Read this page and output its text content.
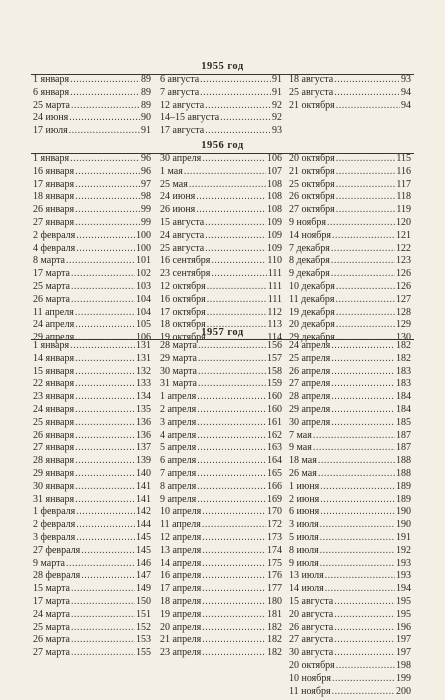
1955 год
1 января .....	89
6 января .....	89
25 марта .....	89
24 июня .....	90
17 июля .....	91
6 августа .....	91
7 августа .....	91
12 августа .....	92
14–15 августа .....	92
17 августа .....	93
18 августа .....	93
25 августа .....	94
21 октября .....	94
1956 год
1 января .....	96
16 января .....	96
17 января .....	97
18 января .....	98
26 января .....	99
27 января .....	99
2 февраля .....	100
4 февраля .....	100
8 марта .....	101
17 марта .....	102
25 марта .....	103
26 марта .....	104
11 апреля .....	104
24 апреля .....	105
29 апреля .....	106
30 апреля .....	106
1 мая .....	107
25 мая .....	108
24 июня .....	108
26 июня .....	108
15 августа .....	109
24 августа .....	109
25 августа .....	109
16 сентября .....	110
23 сентября .....	111
12 октября .....	111
16 октября .....	111
17 октября .....	112
18 октября .....	113
19 октября .....	114
20 октября .....	115
21 октября .....	116
25 октября .....	117
26 октября .....	118
27 октября .....	119
9 ноября .....	120
14 ноября .....	121
7 декабря .....	122
8 декабря .....	123
9 декабря .....	126
10 декабря .....	126
11 декабря .....	127
19 декабря .....	128
20 декабря .....	129
29 декабря .....	130
1957 год
1 января .....	131
14 января .....	131
15 января .....	132
22 января .....	133
23 января .....	134
24 января .....	135
25 января .....	136
26 января .....	136
27 января .....	137
28 января .....	139
29 января .....	140
30 января .....	141
31 января .....	141
1 февраля .....	142
2 февраля .....	144
3 февраля .....	145
27 февраля .....	145
9 марта .....	146
28 февраля .....	147
15 марта .....	149
17 марта .....	150
24 марта .....	151
25 марта .....	152
26 марта .....	153
27 марта .....	155
28 марта .....	156
29 марта .....	157
30 марта .....	158
31 марта .....	159
1 апреля .....	160
2 апреля .....	160
3 апреля .....	161
4 апреля .....	162
5 апреля .....	163
6 апреля .....	164
7 апреля .....	165
8 апреля .....	166
9 апреля .....	169
10 апреля .....	170
11 апреля .....	172
12 апреля .....	173
13 апреля .....	174
14 апреля .....	175
16 апреля .....	176
17 апреля .....	177
18 апреля .....	180
19 апреля .....	181
20 апреля .....	182
21 апреля .....	182
23 апреля .....	182
24 апреля .....	182
25 апреля .....	182
26 апреля .....	183
27 апреля .....	183
28 апреля .....	184
29 апреля .....	184
30 апреля .....	185
7 мая .....	187
9 мая .....	187
18 мая .....	188
26 мая .....	188
1 июня .....	189
2 июня .....	189
6 июня .....	190
3 июля .....	190
5 июля .....	191
8 июля .....	192
9 июля .....	193
13 июля .....	193
14 июля .....	194
15 августа .....	195
20 августа .....	195
26 августа .....	196
27 августа .....	197
30 августа .....	197
20 октября .....	198
10 ноября .....	199
11 ноября .....	200
